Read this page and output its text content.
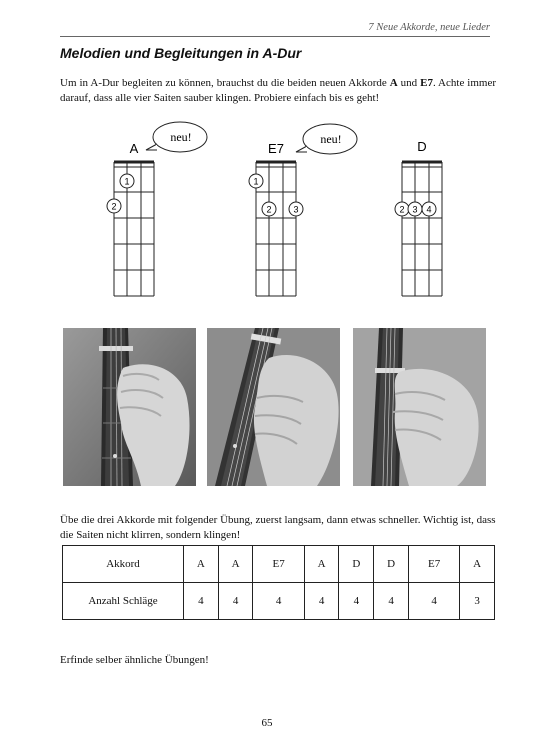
7 Neue Akkorde, neue Lieder
Melodien und Begleitungen in A-Dur

Um in A-Dur begleiten zu können, brauchst du die beiden neuen Akkorde A und E7. Achte immer darauf, dass alle vier Saiten sauber klingen. Probiere einfach bis es geht!

A
neu!
1
2
E7
neu!
1
2 3
D
2 3 4

Übe die drei Akkorde mit folgender Übung, zuerst langsam, dann etwas schneller. Wichtig ist, dass die Saiten nicht klirren, sondern klingen!

Akkord	A	A	E7	A	D	D	E7	A
Anzahl Schläge	4	4	4	4	4	4	4	3

Erfinde selber ähnliche Übungen!

65
